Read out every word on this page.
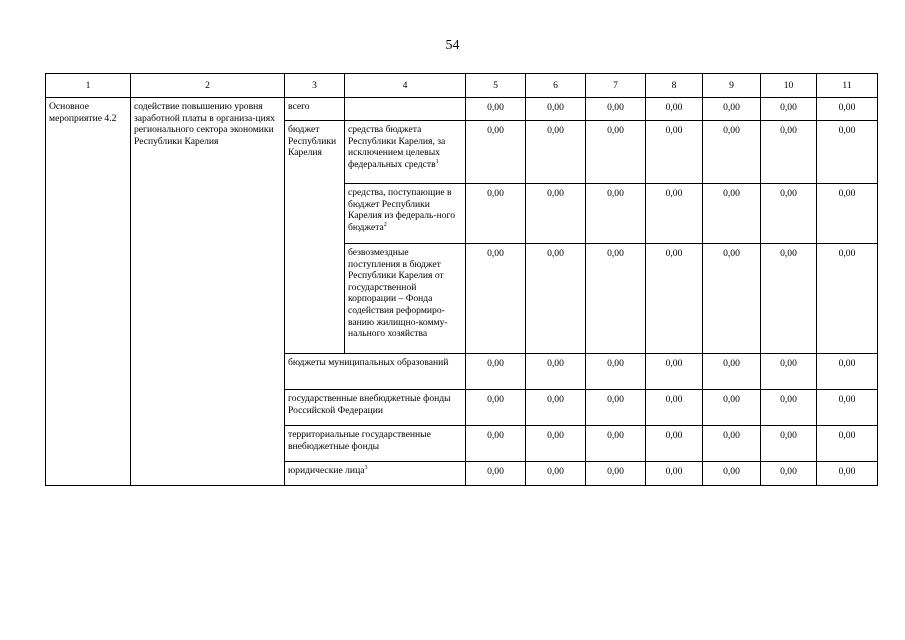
54
1	2	3	4	5	6	7	8	9	10	11
Основное мероприятие 4.2	содействие повышению уровня заработной платы в организа-циях регионального сектора экономики Республики Карелия	всего		0,00	0,00	0,00	0,00	0,00	0,00	0,00
		бюджет Республики Карелия	средства бюджета Республики Карелия, за исключением целевых федеральных средств$^1$	0,00	0,00	0,00	0,00	0,00	0,00	0,00
			средства, поступающие в бюджет Республики Карелия из федераль-ного бюджета$^2$	0,00	0,00	0,00	0,00	0,00	0,00	0,00
			безвозмездные поступления в бюджет Республики Карелия от государственной корпорации – Фонда содействия реформиро-ванию жилищно-комму-нального хозяйства	0,00	0,00	0,00	0,00	0,00	0,00	0,00
		бюджеты муниципальных образований		0,00	0,00	0,00	0,00	0,00	0,00	0,00
		государственные внебюджетные фонды Российской Федерации		0,00	0,00	0,00	0,00	0,00	0,00	0,00
		территориальные государственные внебюджетные фонды		0,00	0,00	0,00	0,00	0,00	0,00	0,00
		юридические лица$^3$		0,00	0,00	0,00	0,00	0,00	0,00	0,00
